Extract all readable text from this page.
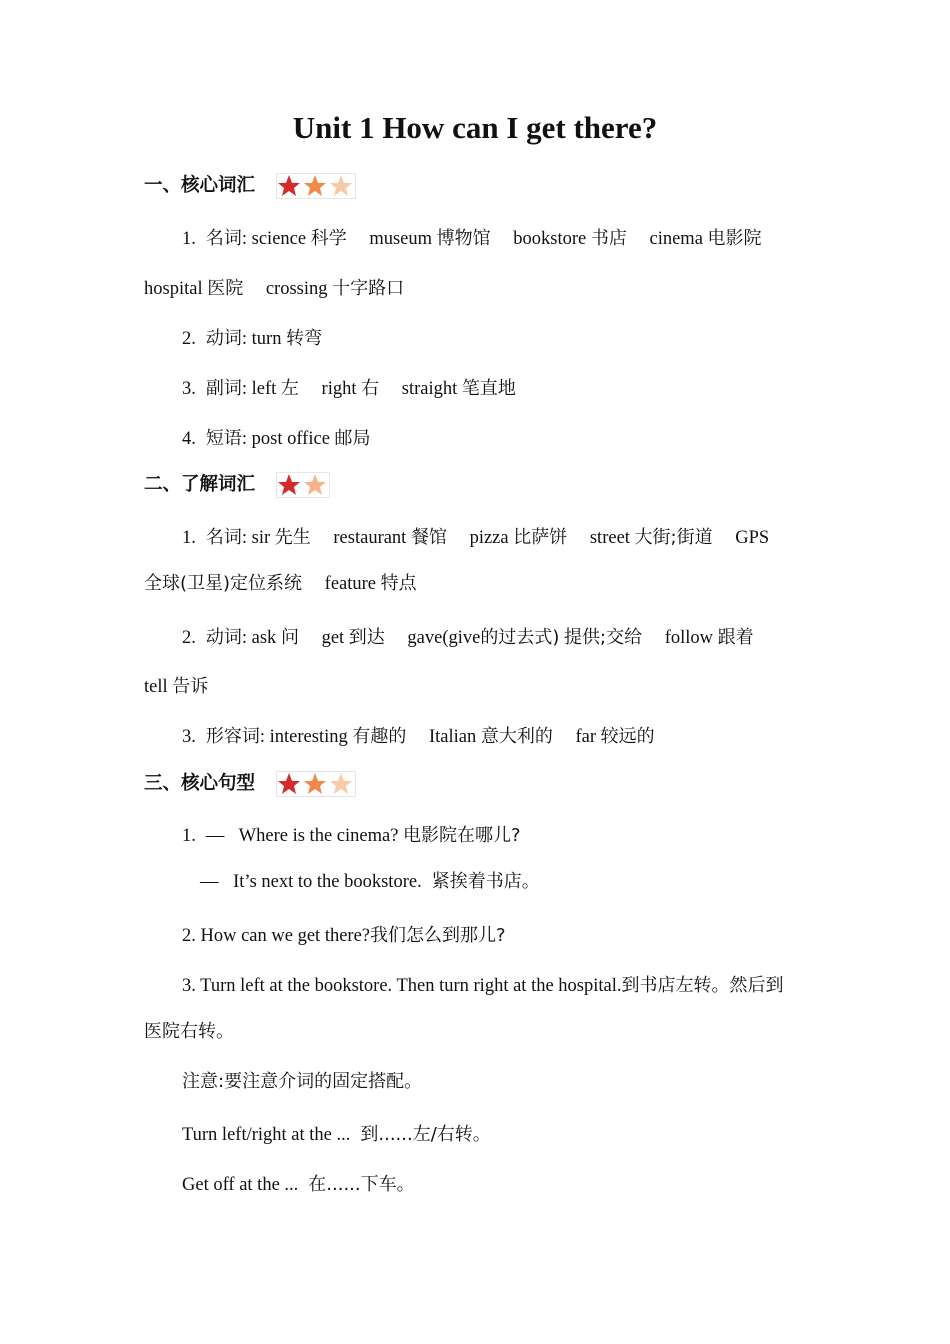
Unit 1 How can I get there?
一、核心词汇
1. 名词: science 科学 museum 博物馆 bookstore 书店 cinema 电影院
hospital 医院 crossing 十字路口
2. 动词: turn 转弯
3. 副词: left 左 right 右 straight 笔直地
4. 短语: post office 邮局
二、了解词汇
1. 名词: sir 先生 restaurant 餐馆 pizza 比萨饼 street 大街;街道 GPS
全球(卫星)定位系统 feature 特点
2. 动词: ask 问 get 到达 gave(give的过去式) 提供;交给 follow 跟着
tell 告诉
3. 形容词: interesting 有趣的 Italian 意大利的 far 较远的
三、核心句型
1. — Where is the cinema? 电影院在哪儿?
— It’s next to the bookstore. 紧挨着书店。
2. How can we get there?我们怎么到那儿?
3. Turn left at the bookstore. Then turn right at the hospital.到书店左转。然后到
医院右转。
注意:要注意介词的固定搭配。
Turn left/right at the ... 到......左/右转。
Get off at the ... 在......下车。
